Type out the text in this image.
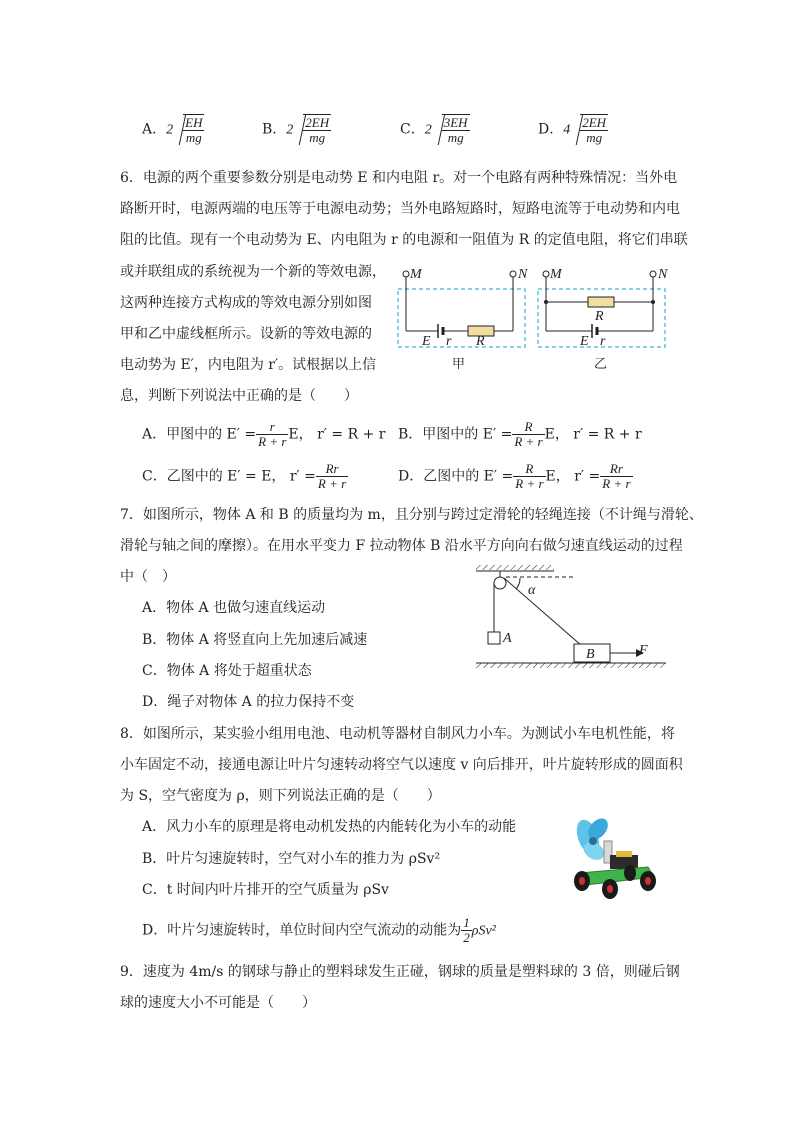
A．$2 \frac{EH}{mg}$	B．$2 \frac{2EH}{mg}$	C．$2 \frac{3EH}{mg}$	D．$4 \frac{2EH}{mg}$
6．电源的两个重要参数分别是电动势 E 和内电阻 r。对一个电路有两种特殊情况：当外电
路断开时，电源两端的电压等于电源电动势；当外电路短路时，短路电流等于电动势和内电
阻的比值。现有一个电动势为 E、内电阻为 r 的电源和一阻值为 R 的定值电阻，将它们串联
或并联组成的系统视为一个新的等效电源，
这两种连接方式构成的等效电源分别如图
甲和乙中虚线框所示。设新的等效电源的
电动势为 E′，内电阻为 r′。试根据以上信
息，判断下列说法中正确的是（　　）
M	N
E r R
甲
M	N
R
E r
乙
A．甲图中的 $E' = \frac{r}{R + r}$ E， r′ = R + r B．甲图中的 $E' = \frac{R}{R + r}$ E， r′ = R + r
C．乙图中的 E′ = E， $r' = \frac{Rr}{R + r}$	D．乙图中的 $E' = \frac{R}{R + r}$ E， $r' = \frac{Rr}{R + r}$
7．如图所示，物体 A 和 B 的质量均为 m，且分别与跨过定滑轮的轻绳连接（不计绳与滑轮、
滑轮与轴之间的摩擦）。在用水平变力 F 拉动物体 B 沿水平方向向右做匀速直线运动的过程
中（　）
A．物体 A 也做匀速直线运动
B．物体 A 将竖直向上先加速后减速
C．物体 A 将处于超重状态
D．绳子对物体 A 的拉力保持不变
A
α
B	F
8．如图所示，某实验小组用电池、电动机等器材自制风力小车。为测试小车电机性能，将
小车固定不动，接通电源让叶片匀速转动将空气以速度 v 向后排开，叶片旋转形成的圆面积
为 S，空气密度为 ρ，则下列说法正确的是（　　）
A．风力小车的原理是将电动机发热的内能转化为小车的动能
B．叶片匀速旋转时，空气对小车的推力为 ρSv²
C．t 时间内叶片排开的空气质量为 ρSv
D．叶片匀速旋转时，单位时间内空气流动的动能为 $\frac{1}{2} \rho Sv^2$
9．速度为 4m/s 的钢球与静止的塑料球发生正碰，钢球的质量是塑料球的 3 倍，则碰后钢
球的速度大小不可能是（　　）
